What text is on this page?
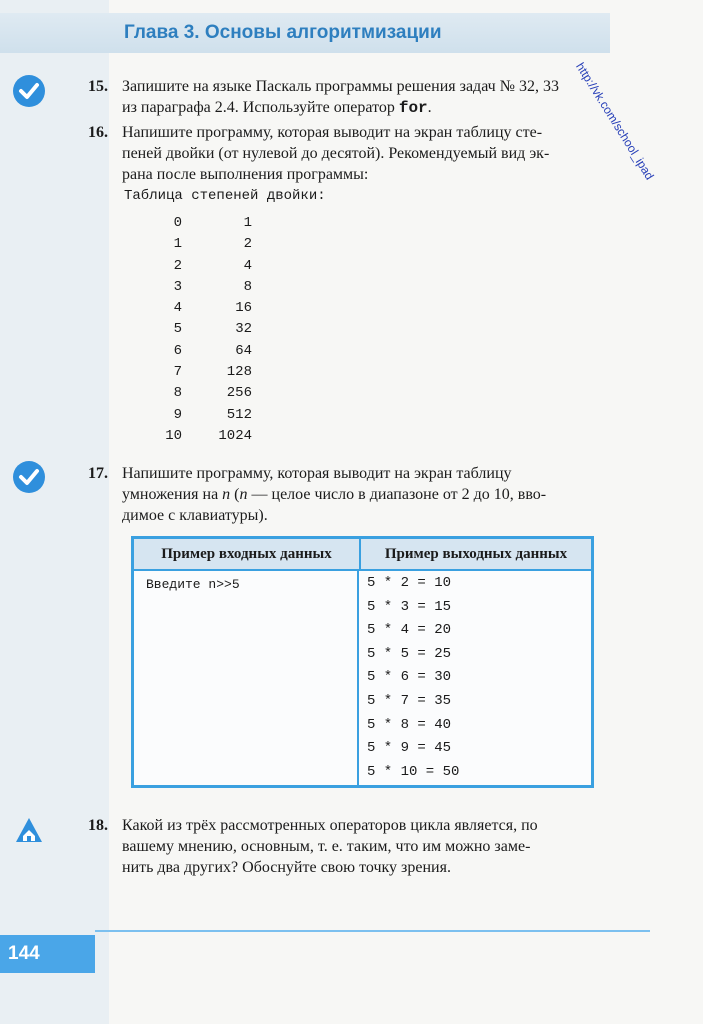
Глава 3. Основы алгоритмизации
http://vk.com/school_ipad

15. Запишите на языке Паскаль программы решения задач № 32, 33

из параграфа 2.4. Используйте оператор for.

16. Напишите программу, которая выводит на экран таблицу сте-

пеней двойки (от нулевой до десятой). Рекомендуемый вид эк-

рана после выполнения программы:

Таблица степеней двойки:
0	1
1	2
2	4
3	8
4	16
5	32
6	64
7	128
8	256
9	512
10	1024

17. Напишите программу, которая выводит на экран таблицу

умножения на n (n — целое число в диапазоне от 2 до 10, вво-

димое с клавиатуры).

Пример входных данных	Пример выходных данных
Введите n>>5	5 * 2 = 10
5 * 3 = 15
5 * 4 = 20
5 * 5 = 25
5 * 6 = 30
5 * 7 = 35
5 * 8 = 40
5 * 9 = 45
5 * 10 = 50

18. Какой из трёх рассмотренных операторов цикла является, по

вашему мнению, основным, т. е. таким, что им можно заме-

нить два других? Обоснуйте свою точку зрения.

144
